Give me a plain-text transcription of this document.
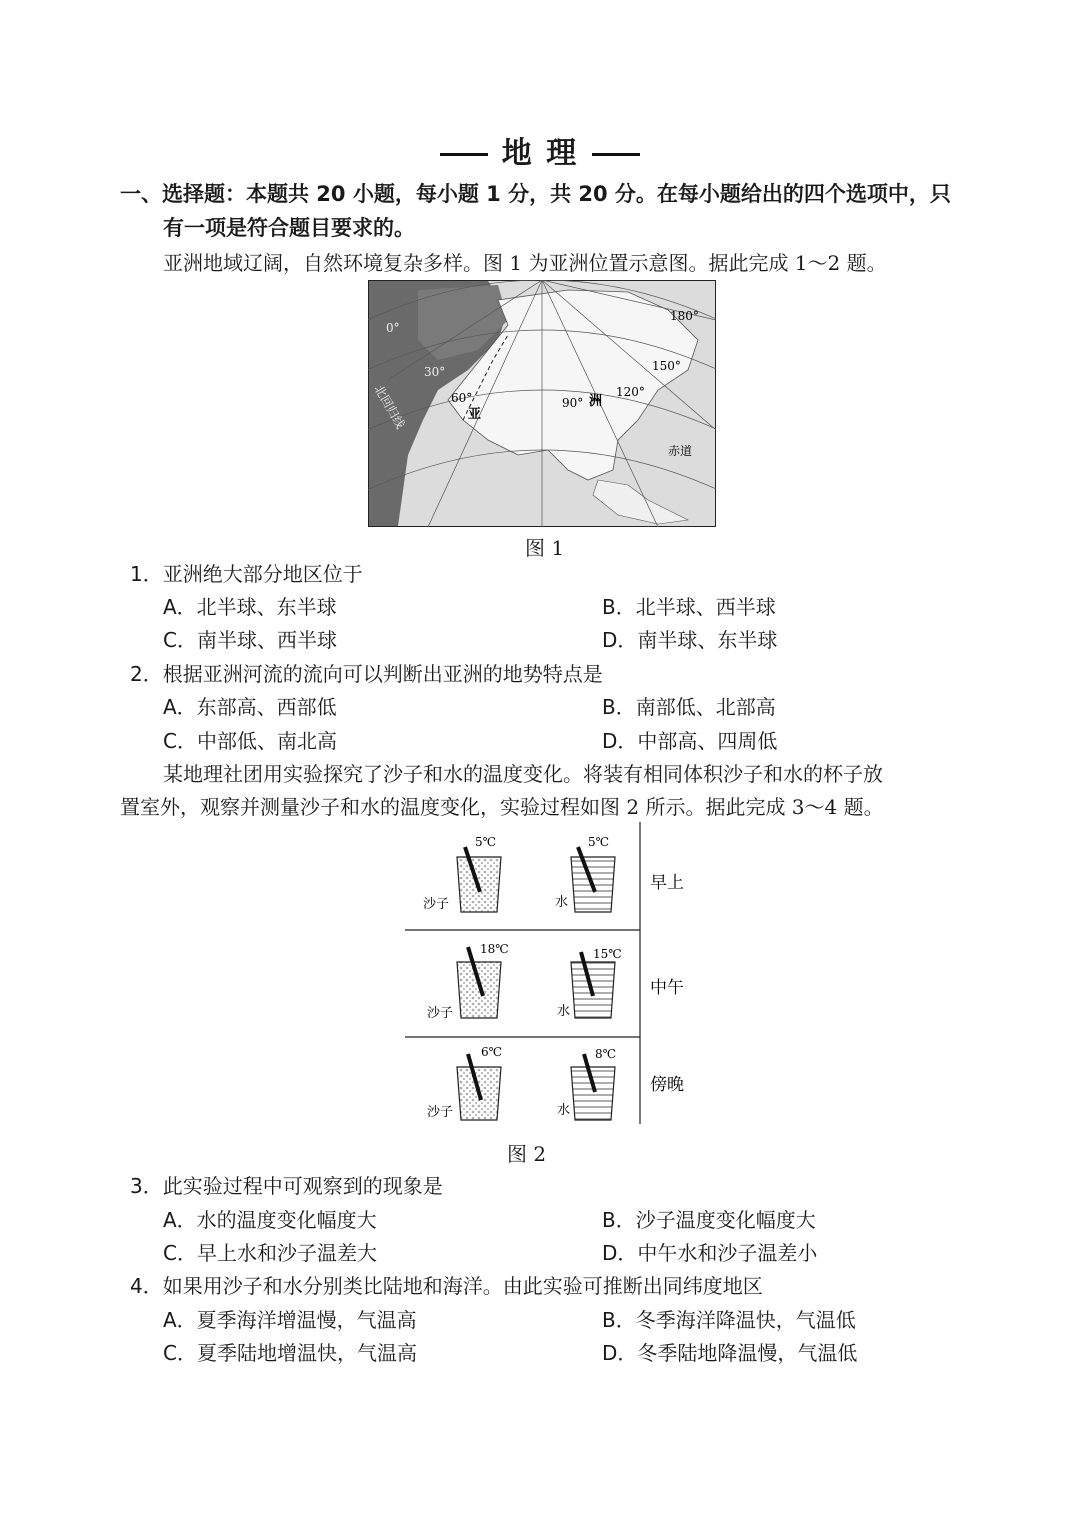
地 理
一、选择题：本题共 20 小题，每小题 1 分，共 20 分。在每小题给出的四个选项中，只
有一项是符合题目要求的。
亚洲地域辽阔，自然环境复杂多样。图 1 为亚洲位置示意图。据此完成 1～2 题。
亚
洲
60°	90°
120°
150°
180°
0°
30°
赤道
北回归线
图 1
1．亚洲绝大部分地区位于
A．北半球、东半球	B．北半球、西半球
C．南半球、西半球	D．南半球、东半球
2．根据亚洲河流的流向可以判断出亚洲的地势特点是
A．东部高、西部低	B．南部低、北部高
C．中部低、南北高	D．中部高、四周低
某地理社团用实验探究了沙子和水的温度变化。将装有相同体积沙子和水的杯子放
置室外，观察并测量沙子和水的温度变化，实验过程如图 2 所示。据此完成 3～4 题。
5℃
沙子
5℃
水
早上
18℃
沙子
15℃
水
中午
6℃
沙子
8℃
水
傍晚
图 2
3．此实验过程中可观察到的现象是
A．水的温度变化幅度大	B．沙子温度变化幅度大
C．早上水和沙子温差大	D．中午水和沙子温差小
4．如果用沙子和水分别类比陆地和海洋。由此实验可推断出同纬度地区
A．夏季海洋增温慢，气温高	B．冬季海洋降温快，气温低
C．夏季陆地增温快，气温高	D．冬季陆地降温慢，气温低
